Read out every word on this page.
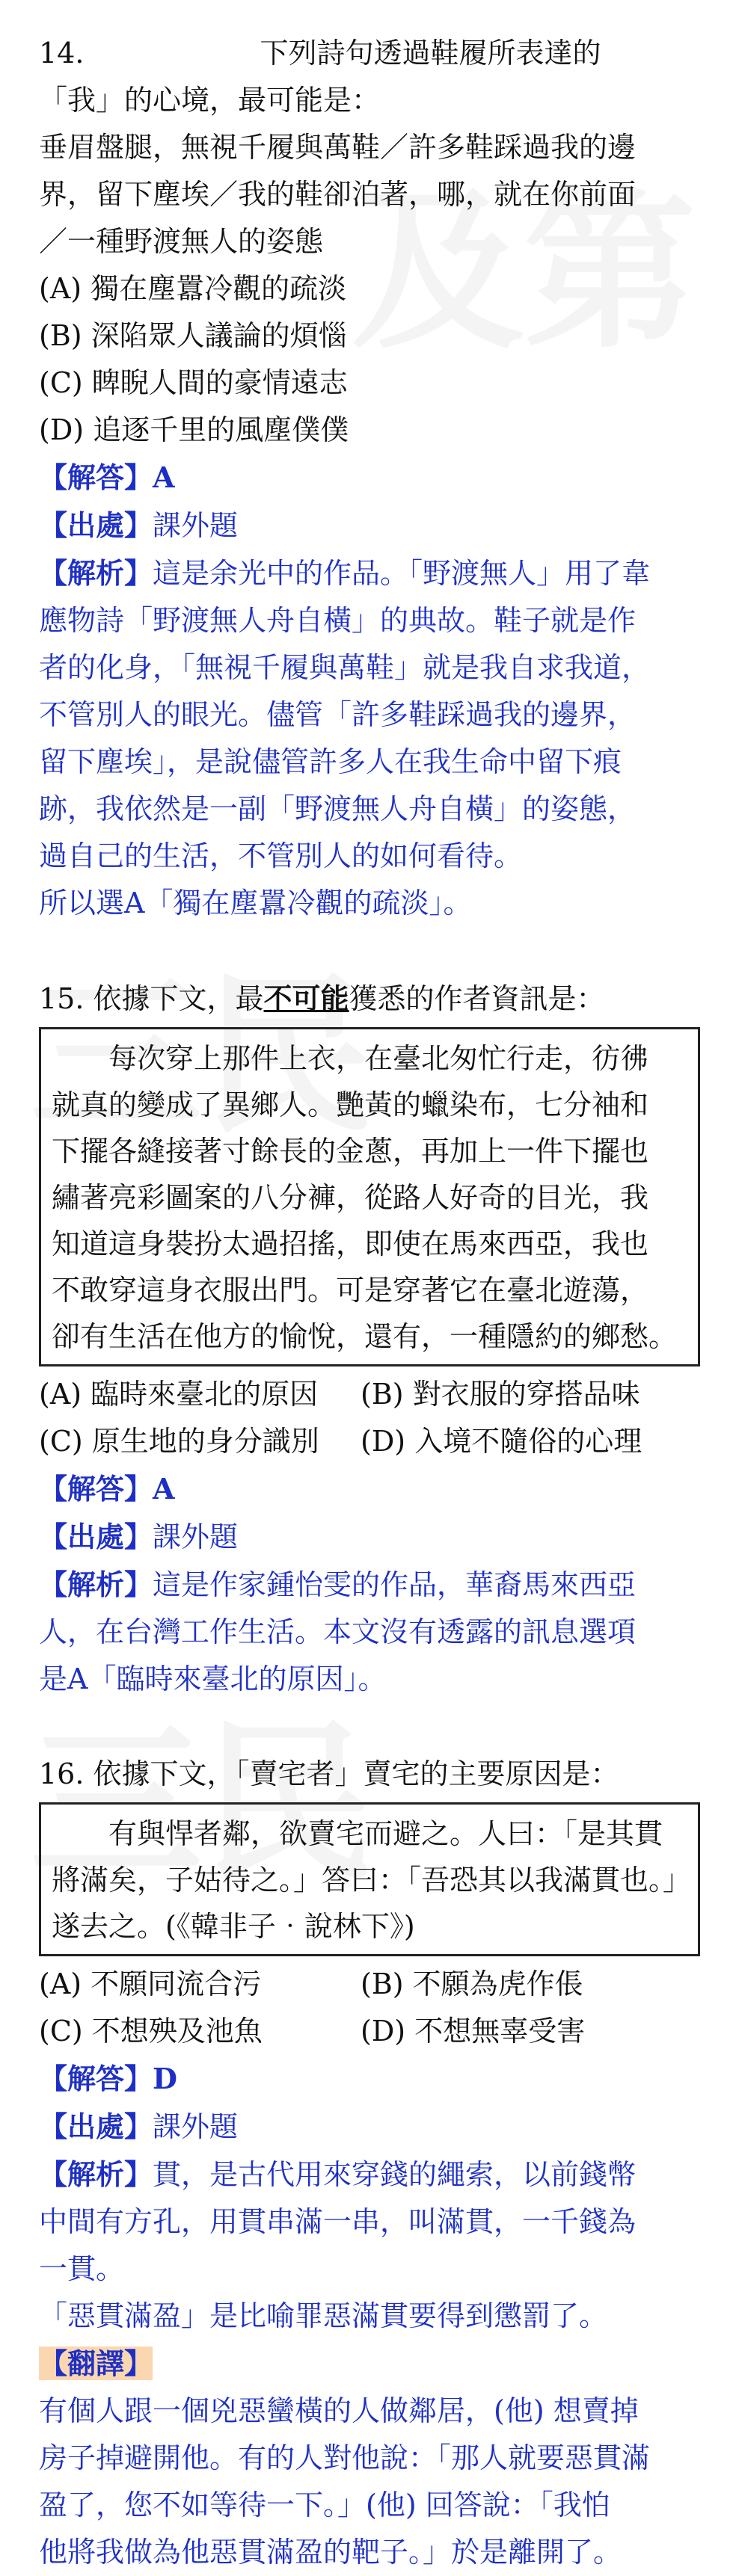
14.	下列詩句透過鞋履所表達的
「我」的心境，最可能是：
垂眉盤腿，無視千履與萬鞋／許多鞋踩過我的邊
界，留下塵埃／我的鞋卻泊著，哪，就在你前面
／一種野渡無人的姿態
(A) 獨在塵囂冷觀的疏淡
(B) 深陷眾人議論的煩惱
(C) 睥睨人間的豪情遠志
(D) 追逐千里的風塵僕僕
【解答】A
【出處】課外題
【解析】這是余光中的作品。「野渡無人」用了韋
應物詩「野渡無人舟自橫」的典故。鞋子就是作
者的化身，「無視千履與萬鞋」就是我自求我道，
不管別人的眼光。儘管「許多鞋踩過我的邊界，
留下塵埃」，是說儘管許多人在我生命中留下痕
跡，我依然是一副「野渡無人舟自橫」的姿態，
過自己的生活，不管別人的如何看待。
所以選A「獨在塵囂冷觀的疏淡」。
15. 依據下文，最不可能獲悉的作者資訊是：
每次穿上那件上衣，在臺北匆忙行走，彷彿
就真的變成了異鄉人。艷黃的蠟染布，七分袖和
下擺各縫接著寸餘長的金蔥，再加上一件下擺也
繡著亮彩圖案的八分褲，從路人好奇的目光，我
知道這身裝扮太過招搖，即使在馬來西亞，我也
不敢穿這身衣服出門。可是穿著它在臺北遊蕩，
卻有生活在他方的愉悅，還有，一種隱約的鄉愁。
(A) 臨時來臺北的原因	(B) 對衣服的穿搭品味
(C) 原生地的身分識別	(D) 入境不隨俗的心理
【解答】A
【出處】課外題
【解析】這是作家鍾怡雯的作品，華裔馬來西亞
人，在台灣工作生活。本文沒有透露的訊息選項
是A「臨時來臺北的原因」。
16. 依據下文，「賣宅者」賣宅的主要原因是：
有與悍者鄰，欲賣宅而避之。人曰：「是其貫
將滿矣，子姑待之。」答曰：「吾恐其以我滿貫也。」
遂去之。(《韓非子‧說林下》)
(A) 不願同流合污	(B) 不願為虎作倀
(C) 不想殃及池魚	(D) 不想無辜受害
【解答】D
【出處】課外題
【解析】貫，是古代用來穿錢的繩索，以前錢幣
中間有方孔，用貫串滿一串，叫滿貫，一千錢為
一貫。
「惡貫滿盈」是比喻罪惡滿貫要得到懲罰了。
【翻譯】
有個人跟一個兇惡蠻橫的人做鄰居，(他) 想賣掉
房子掉避開他。有的人對他說：「那人就要惡貫滿
盈了，您不如等待一下。」(他) 回答說：「我怕
他將我做為他惡貫滿盈的靶子。」於是離開了。
